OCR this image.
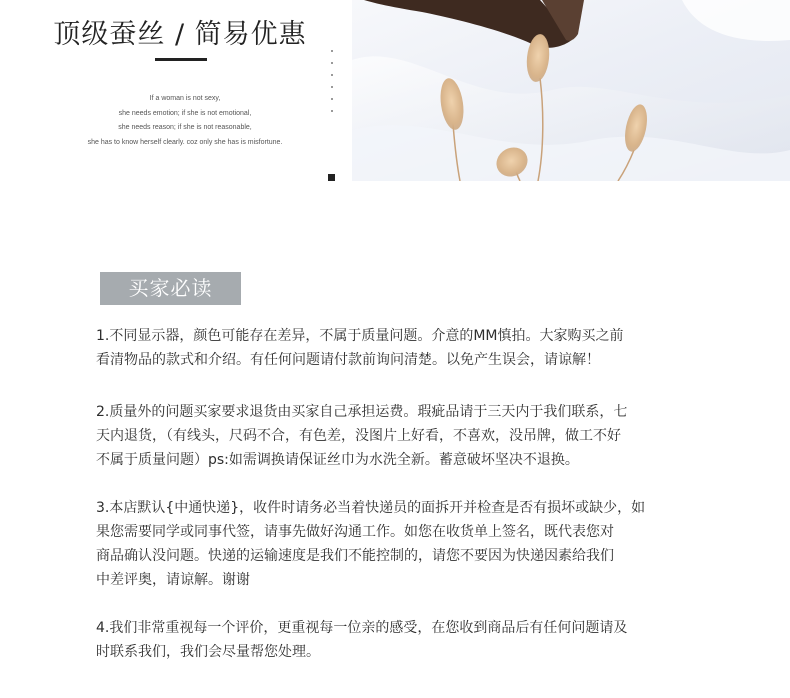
顶级蚕丝 / 简易优惠
If a woman is not sexy,
she needs emotion; if she is not emotional,
she needs reason; if she is not reasonable,
she has to know herself clearly. coz only she has is misfortune.
买家必读
1.不同显示器，颜色可能存在差异，不属于质量问题。介意的MM慎拍。大家购买之前
看清物品的款式和介绍。有任何问题请付款前询问清楚。以免产生误会，请谅解！
2.质量外的问题买家要求退货由买家自己承担运费。瑕疵品请于三天内于我们联系，七
天内退货，（有线头，尺码不合，有色差，没图片上好看，不喜欢，没吊牌，做工不好
不属于质量问题）ps:如需调换请保证丝巾为水洗全新。蓄意破坏坚决不退换。
3.本店默认{中通快递}，收件时请务必当着快递员的面拆开并检查是否有损坏或缺少，如
果您需要同学或同事代签，请事先做好沟通工作。如您在收货单上签名，既代表您对
商品确认没问题。快递的运输速度是我们不能控制的，请您不要因为快递因素给我们
中差评奥，请谅解。谢谢
4.我们非常重视每一个评价，更重视每一位亲的感受，在您收到商品后有任何问题请及
时联系我们，我们会尽量帮您处理。
